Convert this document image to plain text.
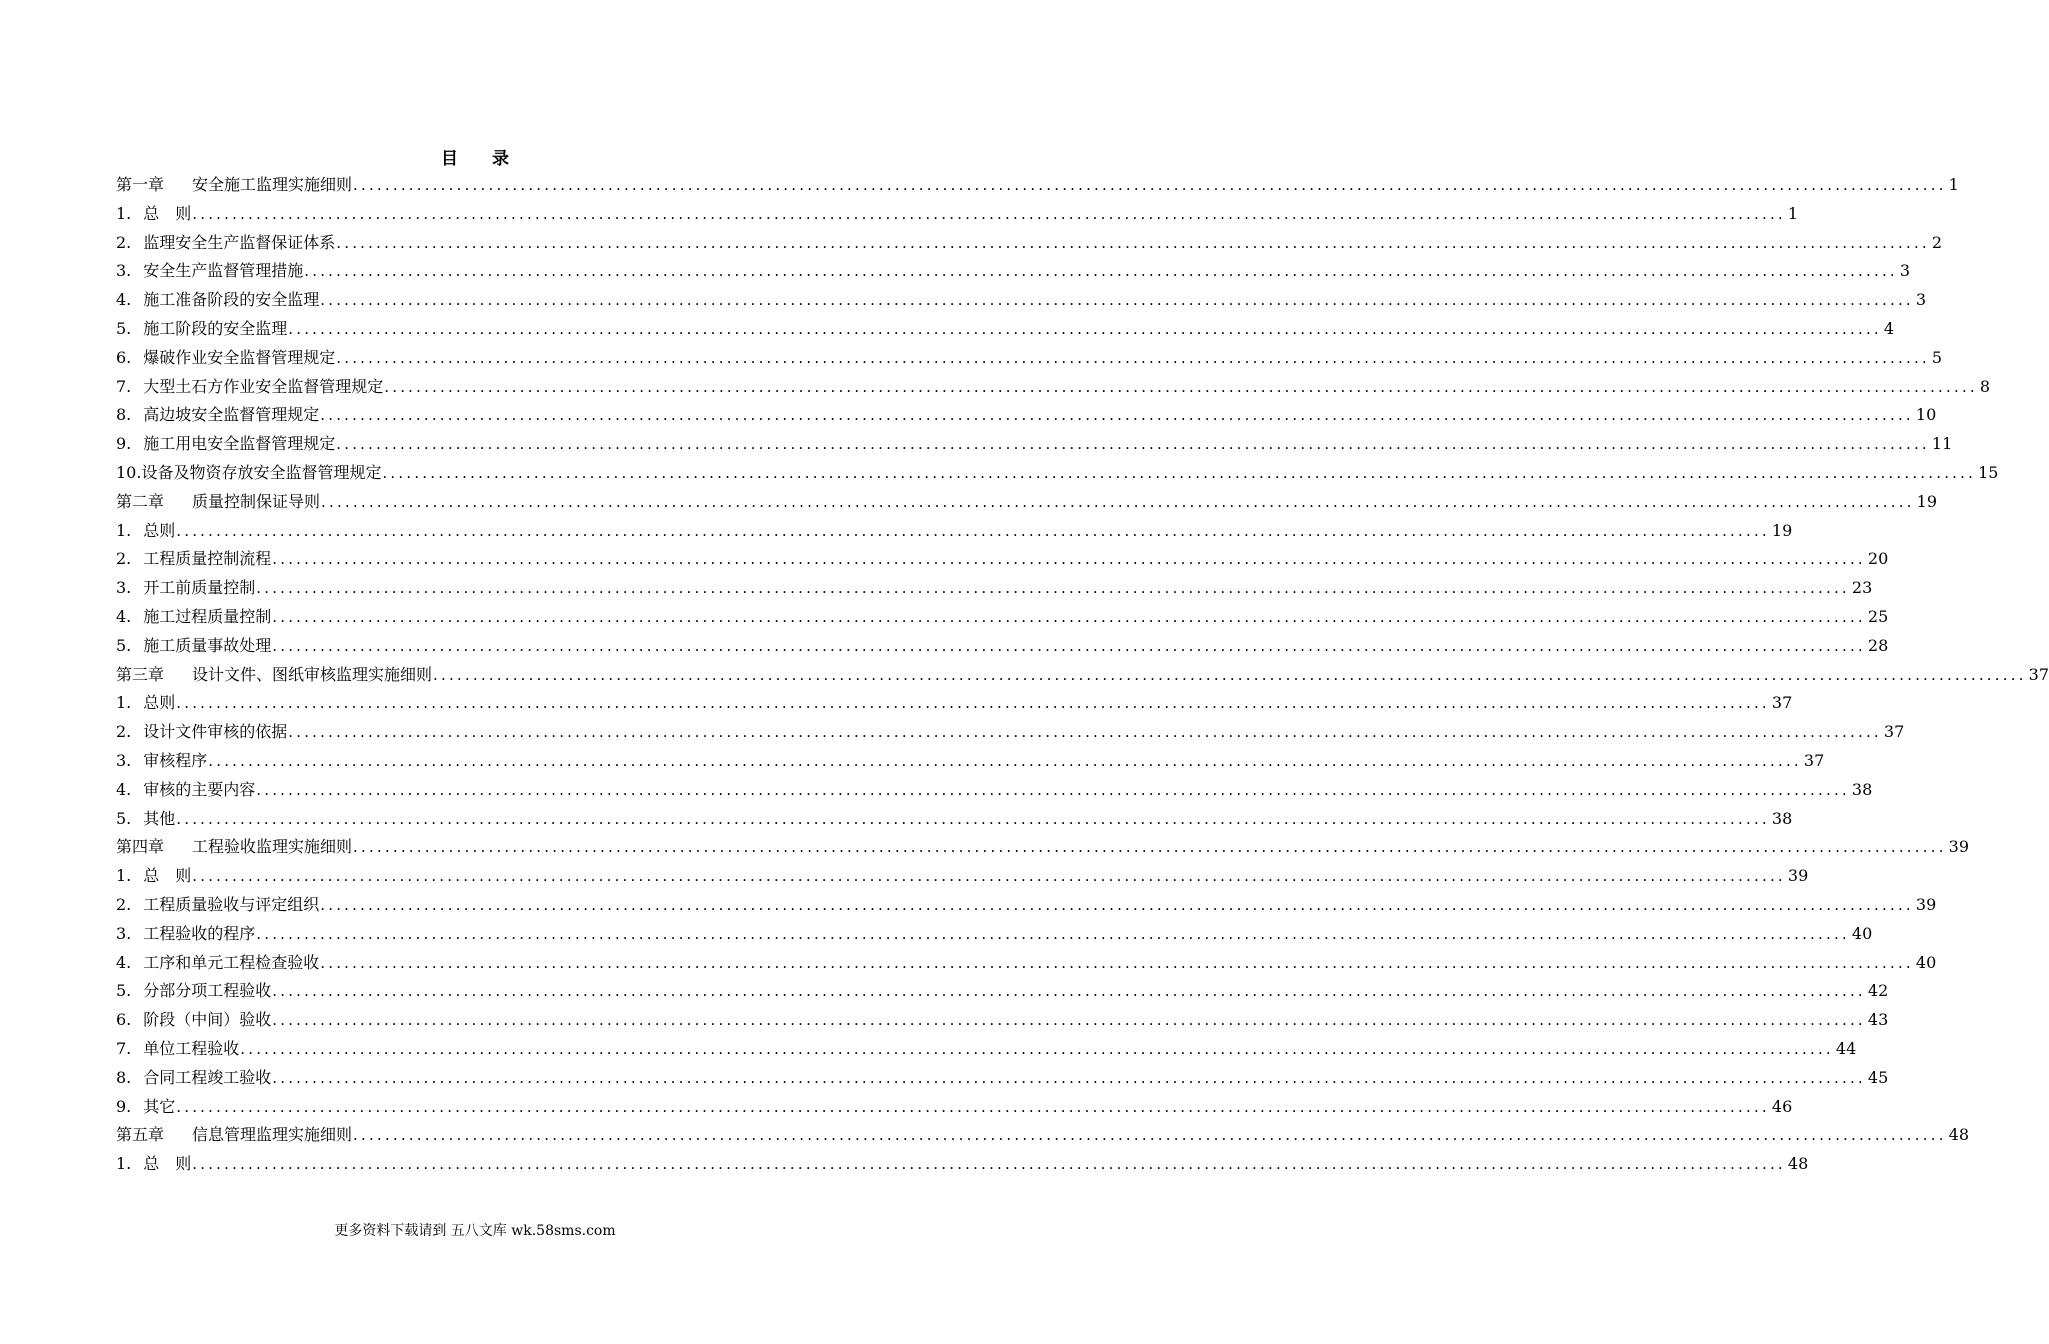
目　　录
第一章 安全施工监理实施细则 ........................................................................................................................................................................................................ 1
1. 总　则 ........................................................................................................................................................................................................ 1
2. 监理安全生产监督保证体系 ........................................................................................................................................................................................................ 2
3. 安全生产监督管理措施 ........................................................................................................................................................................................................ 3
4. 施工准备阶段的安全监理 ........................................................................................................................................................................................................ 3
5. 施工阶段的安全监理 ........................................................................................................................................................................................................ 4
6. 爆破作业安全监督管理规定 ........................................................................................................................................................................................................ 5
7. 大型土石方作业安全监督管理规定 ........................................................................................................................................................................................................ 8
8. 高边坡安全监督管理规定 ........................................................................................................................................................................................................ 10
9. 施工用电安全监督管理规定 ........................................................................................................................................................................................................ 11
10. 设备及物资存放安全监督管理规定 ........................................................................................................................................................................................................ 15
第二章 质量控制保证导则 ........................................................................................................................................................................................................ 19
1. 总则 ........................................................................................................................................................................................................ 19
2. 工程质量控制流程 ........................................................................................................................................................................................................ 20
3. 开工前质量控制 ........................................................................................................................................................................................................ 23
4. 施工过程质量控制 ........................................................................................................................................................................................................ 25
5. 施工质量事故处理 ........................................................................................................................................................................................................ 28
第三章 设计文件、图纸审核监理实施细则 ........................................................................................................................................................................................................ 37
1. 总则 ........................................................................................................................................................................................................ 37
2. 设计文件审核的依据 ........................................................................................................................................................................................................ 37
3. 审核程序 ........................................................................................................................................................................................................ 37
4. 审核的主要内容 ........................................................................................................................................................................................................ 38
5. 其他 ........................................................................................................................................................................................................ 38
第四章 工程验收监理实施细则 ........................................................................................................................................................................................................ 39
1. 总　则 ........................................................................................................................................................................................................ 39
2. 工程质量验收与评定组织 ........................................................................................................................................................................................................ 39
3. 工程验收的程序 ........................................................................................................................................................................................................ 40
4. 工序和单元工程检查验收 ........................................................................................................................................................................................................ 40
5. 分部分项工程验收 ........................................................................................................................................................................................................ 42
6. 阶段（中间）验收 ........................................................................................................................................................................................................ 43
7. 单位工程验收 ........................................................................................................................................................................................................ 44
8. 合同工程竣工验收 ........................................................................................................................................................................................................ 45
9. 其它 ........................................................................................................................................................................................................ 46
第五章 信息管理监理实施细则 ........................................................................................................................................................................................................ 48
1. 总　则 ........................................................................................................................................................................................................ 48
更多资料下载请到 五八文库 wk.58sms.com
